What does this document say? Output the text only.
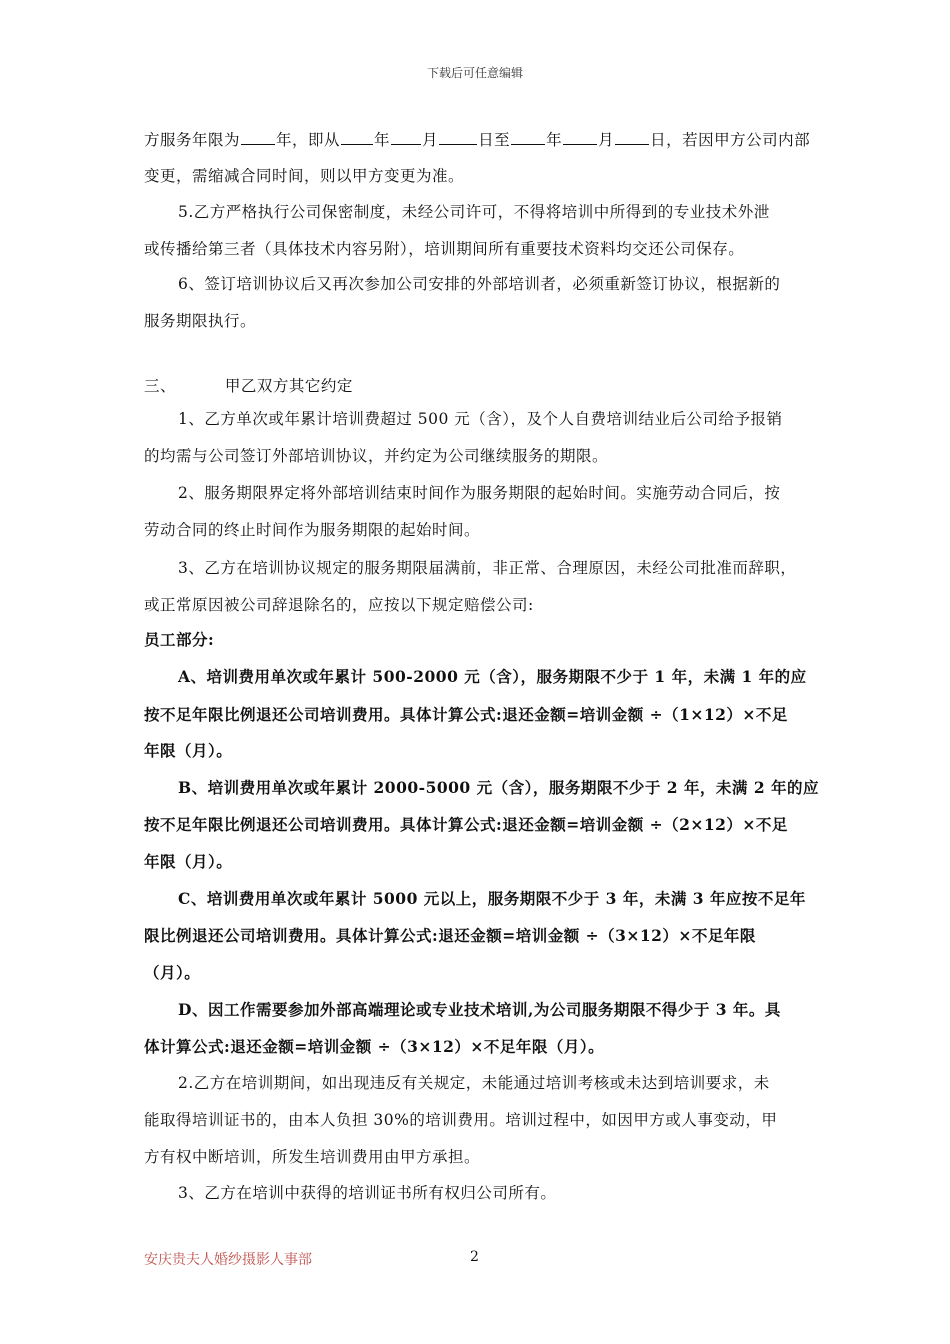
下载后可任意编辑
方服务年限为 年，即从 年 月	日至 年 月 日，若因甲方公司内部
变更，需缩减合同时间，则以甲方变更为准。
5.乙方严格执行公司保密制度，未经公司许可，不得将培训中所得到的专业技术外泄
或传播给第三者（具体技术内容另附），培训期间所有重要技术资料均交还公司保存。
6、签订培训协议后又再次参加公司安排的外部培训者，必须重新签订协议，根据新的
服务期限执行。
三、	甲乙双方其它约定
1、乙方单次或年累计培训费超过 500 元（含），及个人自费培训结业后公司给予报销
的均需与公司签订外部培训协议，并约定为公司继续服务的期限。
2、服务期限界定将外部培训结束时间作为服务期限的起始时间。实施劳动合同后，按
劳动合同的终止时间作为服务期限的起始时间。
3、乙方在培训协议规定的服务期限届满前，非正常、合理原因，未经公司批准而辞职，
或正常原因被公司辞退除名的，应按以下规定赔偿公司:
员工部分:
A、培训费用单次或年累计 500-2000 元（含），服务期限不少于 1 年，未满 1 年的应
按不足年限比例退还公司培训费用。具体计算公式:退还金额=培训金额 ÷（1×12）×不足
年限（月）。
B、培训费用单次或年累计 2000-5000 元（含），服务期限不少于 2 年，未满 2 年的应
按不足年限比例退还公司培训费用。具体计算公式:退还金额=培训金额 ÷（2×12）×不足
年限（月）。
C、培训费用单次或年累计 5000 元以上，服务期限不少于 3 年，未满 3 年应按不足年
限比例退还公司培训费用。具体计算公式:退还金额=培训金额 ÷（3×12）×不足年限
（月）。
D、因工作需要参加外部高端理论或专业技术培训,为公司服务期限不得少于 3 年。具
体计算公式:退还金额=培训金额 ÷（3×12）×不足年限（月）。
2.乙方在培训期间，如出现违反有关规定，未能通过培训考核或未达到培训要求，未
能取得培训证书的，由本人负担 30%的培训费用。培训过程中，如因甲方或人事变动，甲
方有权中断培训，所发生培训费用由甲方承担。
3、乙方在培训中获得的培训证书所有权归公司所有。
安庆贵夫人婚纱摄影人事部	2
